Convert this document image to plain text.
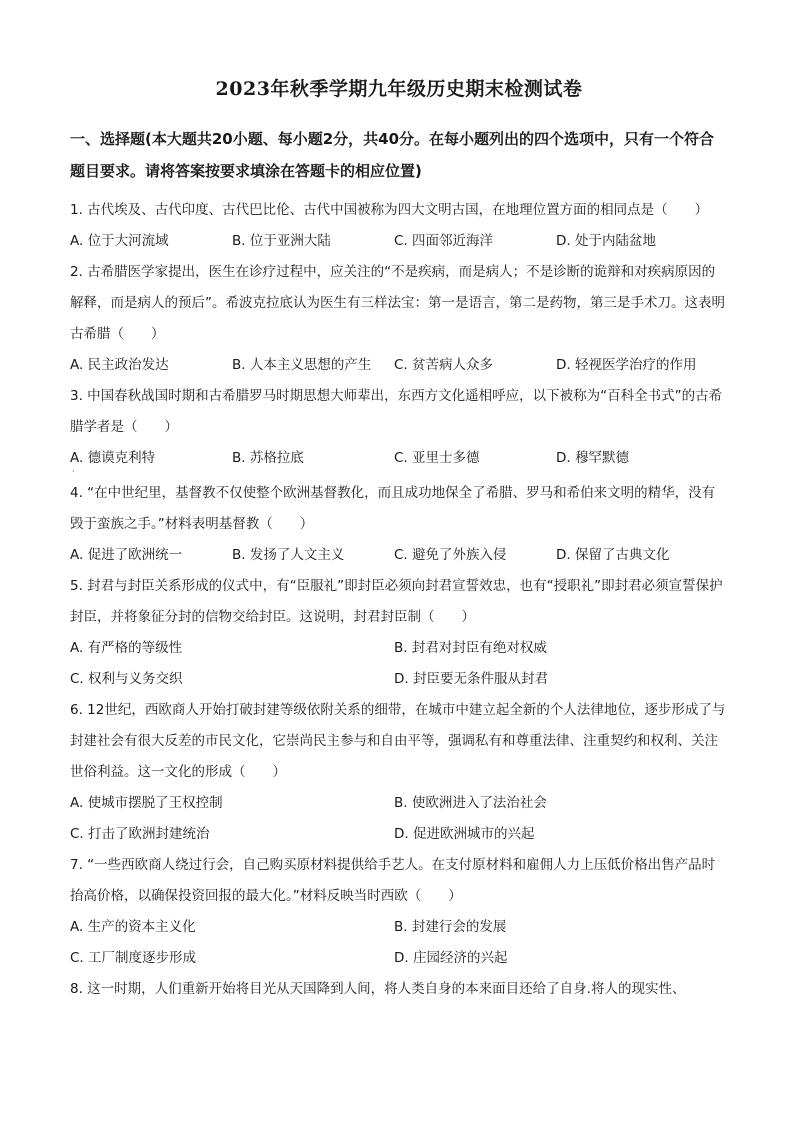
2023年秋季学期九年级历史期末检测试卷
一、选择题(本大题共20小题、每小题2分，共40分。在每小题列出的四个选项中，只有一个符合题目要求。请将答案按要求填涂在答题卡的相应位置)
1. 古代埃及、古代印度、古代巴比伦、古代中国被称为四大文明古国，在地理位置方面的相同点是（　　）
A. 位于大河流域	B. 位于亚洲大陆	C. 四面邻近海洋	D. 处于内陆盆地
2. 古希腊医学家提出，医生在诊疗过程中，应关注的“不是疾病，而是病人；不是诊断的诡辩和对疾病原因的解释，而是病人的预后”。希波克拉底认为医生有三样法宝：第一是语言，第二是药物，第三是手术刀。这表明古希腊（　　）
A. 民主政治发达	B. 人本主义思想的产生	C. 贫苦病人众多	D. 轻视医学治疗的作用
3. 中国春秋战国时期和古希腊罗马时期思想大师辈出，东西方文化遥相呼应，以下被称为“百科全书式”的古希腊学者是（　　）
A. 德谟克利特	B. 苏格拉底	C. 亚里士多德	D. 穆罕默德
·
4. “在中世纪里，基督教不仅使整个欧洲基督教化，而且成功地保全了希腊、罗马和希伯来文明的精华，没有毁于蛮族之手。”材料表明基督教（　　）
A. 促进了欧洲统一	B. 发扬了人文主义	C. 避免了外族入侵	D. 保留了古典文化
5. 封君与封臣关系形成的仪式中，有“臣服礼”即封臣必须向封君宣誓效忠，也有“授职礼”即封君必须宣誓保护封臣，并将象征分封的信物交给封臣。这说明，封君封臣制（　　）
A. 有严格的等级性	B. 封君对封臣有绝对权威
C. 权利与义务交织	D. 封臣要无条件服从封君
6. 12世纪，西欧商人开始打破封建等级依附关系的细带，在城市中建立起全新的个人法律地位，逐步形成了与封建社会有很大反差的市民文化，它崇尚民主参与和自由平等，强调私有和尊重法律、注重契约和权利、关注世俗利益。这一文化的形成（　　）
A. 使城市摆脱了王权控制	B. 使欧洲进入了法治社会
C. 打击了欧洲封建统治	D. 促进欧洲城市的兴起
7. “一些西欧商人绕过行会，自己购买原材料提供给手艺人。在支付原材料和雇佣人力上压低价格出售产品时抬高价格，以确保投资回报的最大化。”材料反映当时西欧（　　）
A. 生产的资本主义化	B. 封建行会的发展
C. 工厂制度逐步形成	D. 庄园经济的兴起
8. 这一时期，人们重新开始将目光从天国降到人间，将人类自身的本来面目还给了自身.将人的现实性、
